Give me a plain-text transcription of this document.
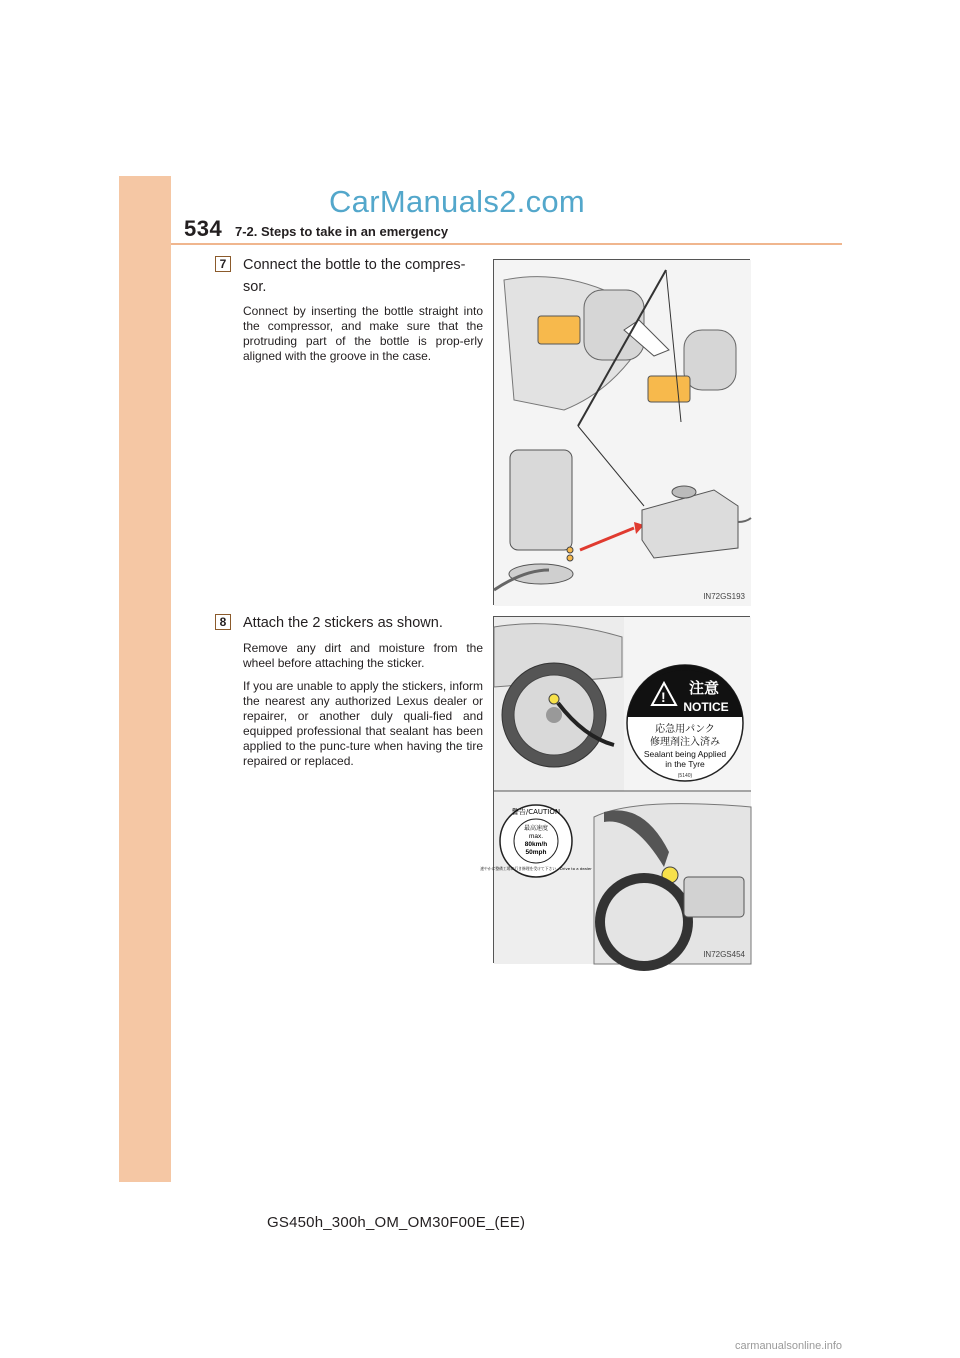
CarManuals2.com
534 7-2. Steps to take in an emergency
7	Connect the bottle to the compres-sor.

Connect by inserting the bottle straight into the compressor, and make sure that the protruding part of the bottle is prop-erly aligned with the groove in the case.

IN72GS193
8	Attach the 2 stickers as shown.

Remove any dirt and moisture from the wheel before attaching the sticker.

If you are unable to apply the stickers, inform the nearest any authorized Lexus dealer or repairer, or another duly quali-fied and equipped professional that sealant has been applied to the punc-ture when having the tire repaired or replaced.

! 注意
NOTICE
応急用パンク
修理剤注入済み
Sealant being Applied
in the Tyre
(5140)
警告/CAUTION
最高速度
max.
80km/h
50mph
速やかに整備工場に行き修理を受けて下さい - Drive to a dealer
IN72GS454
GS450h_300h_OM_OM30F00E_(EE)
carmanualsonline.info
